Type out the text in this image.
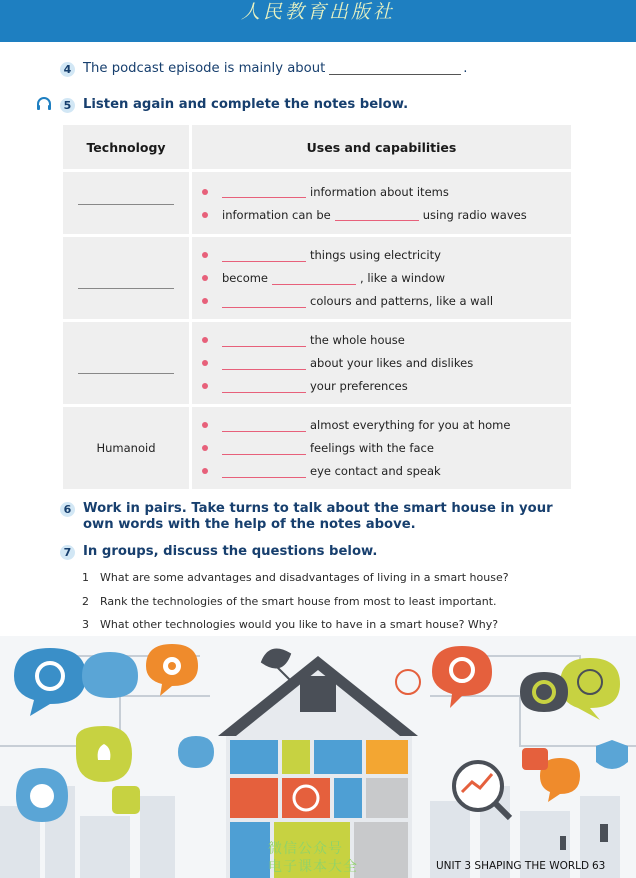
人民教育出版社
4 The podcast episode is mainly about	.
5 Listen again and complete the notes below.
Technology	Uses and capabilities

	information about items
information can be using radio waves

	things using electricity
become , like a window
colours and patterns, like a wall

	the whole house
about your likes and dislikes
your preferences

Humanoid	almost everything for you at home
feelings with the face
eye contact and speak
6 Work in pairs. Take turns to talk about the smart house in your own words with the help of the notes above.
7 In groups, discuss the questions below.
1 What are some advantages and disadvantages of living in a smart house?
2 Rank the technologies of the smart house from most to least important.
3 What other technologies would you like to have in a smart house? Why?
微信公众号
电子课本大全	UNIT 3 SHAPING THE WORLD 63
